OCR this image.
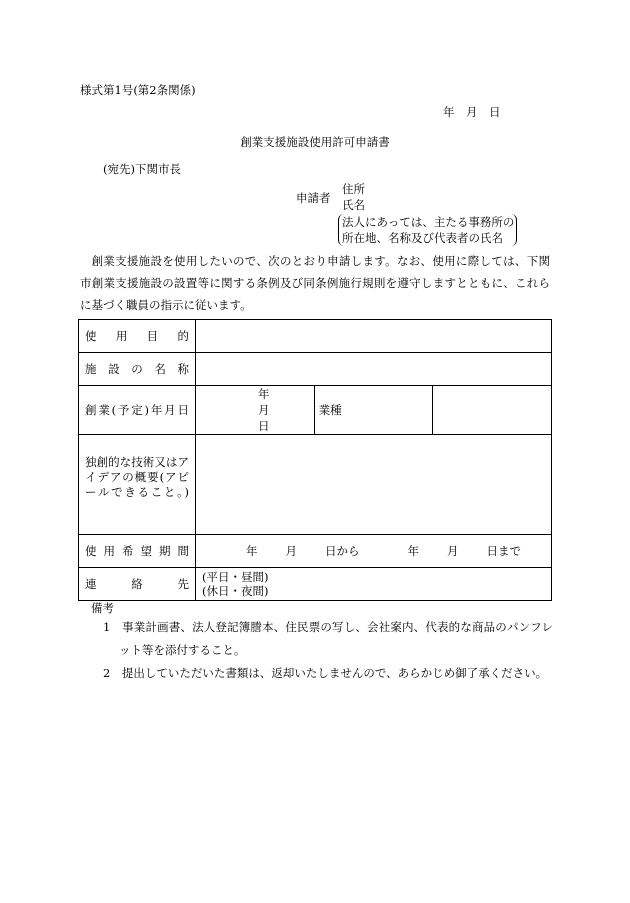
様式第1号(第2条関係)
年　月　日
創業支援施設使用許可申請書
(宛先)下関市長
申請者
住所
氏名
法人にあっては、主たる事務所の
所在地、名称及び代表者の氏名
創業支援施設を使用したいので、次のとおり申請します。なお、使用に際しては、下関市創業支援施設の設置等に関する条例及び同条例施行規則を遵守しますとともに、これらに基づく職員の指示に従います。
使用目的			

施設の名称			

創業(予定)年月日	年月日	業種	

独創的な技術又はアイデアの概要(アピールできること。)			

使用希望期間	年 月 日から 年 月 日まで		

連絡先	(平日・昼間)
(休日・夜間)		
備考
1　事業計画書、法人登記簿謄本、住民票の写し、会社案内、代表的な商品のパンフレット等を添付すること。
2　提出していただいた書類は、返却いたしませんので、あらかじめ御了承ください。
